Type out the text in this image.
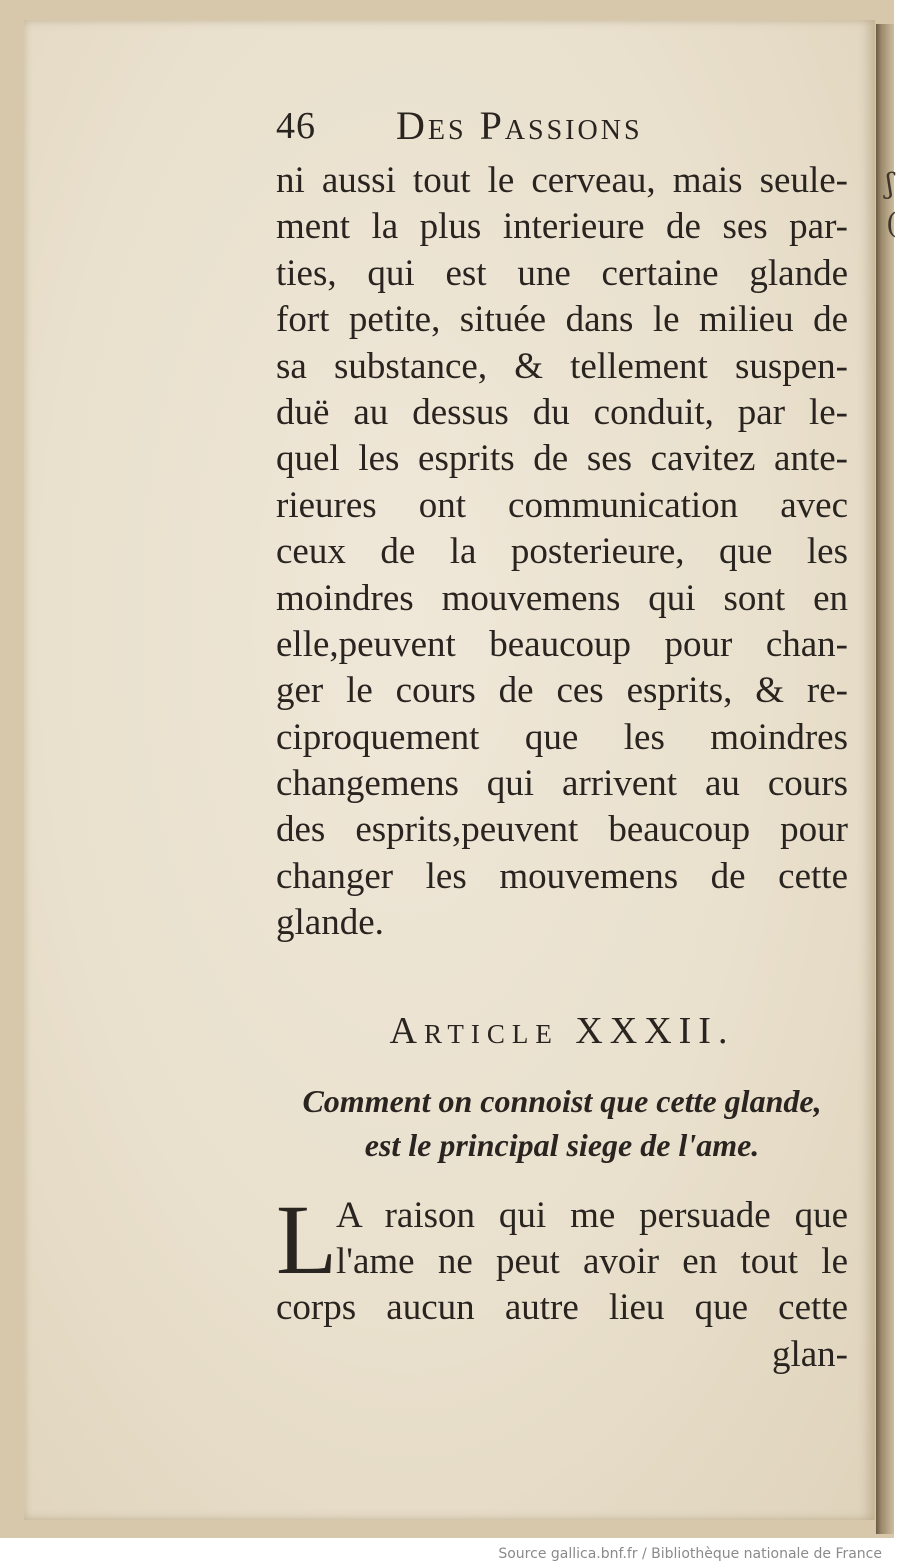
ʃ
(

46 Des Passions
ni aussi tout le cerveau, mais seule-
ment la plus interieure de ses par-
ties, qui est une certaine glande
fort petite, située dans le milieu de
sa substance, & tellement suspen-
duë au dessus du conduit, par le-
quel les esprits de ses cavitez ante-
rieures ont communication avec
ceux de la posterieure, que les
moindres mouvemens qui sont en
elle,peuvent beaucoup pour chan-
ger le cours de ces esprits, & re-
ciproquement que les moindres
changemens qui arrivent au cours
des esprits,peuvent beaucoup pour
changer les mouvemens de cette
glande.
Article XXXII.
Comment on connoist que cette glande,
est le principal siege de l'ame.
L
A raison qui me persuade que
l'ame ne peut avoir en tout le
corps aucun autre lieu que cette
glan-
Source gallica.bnf.fr / Bibliothèque nationale de France
